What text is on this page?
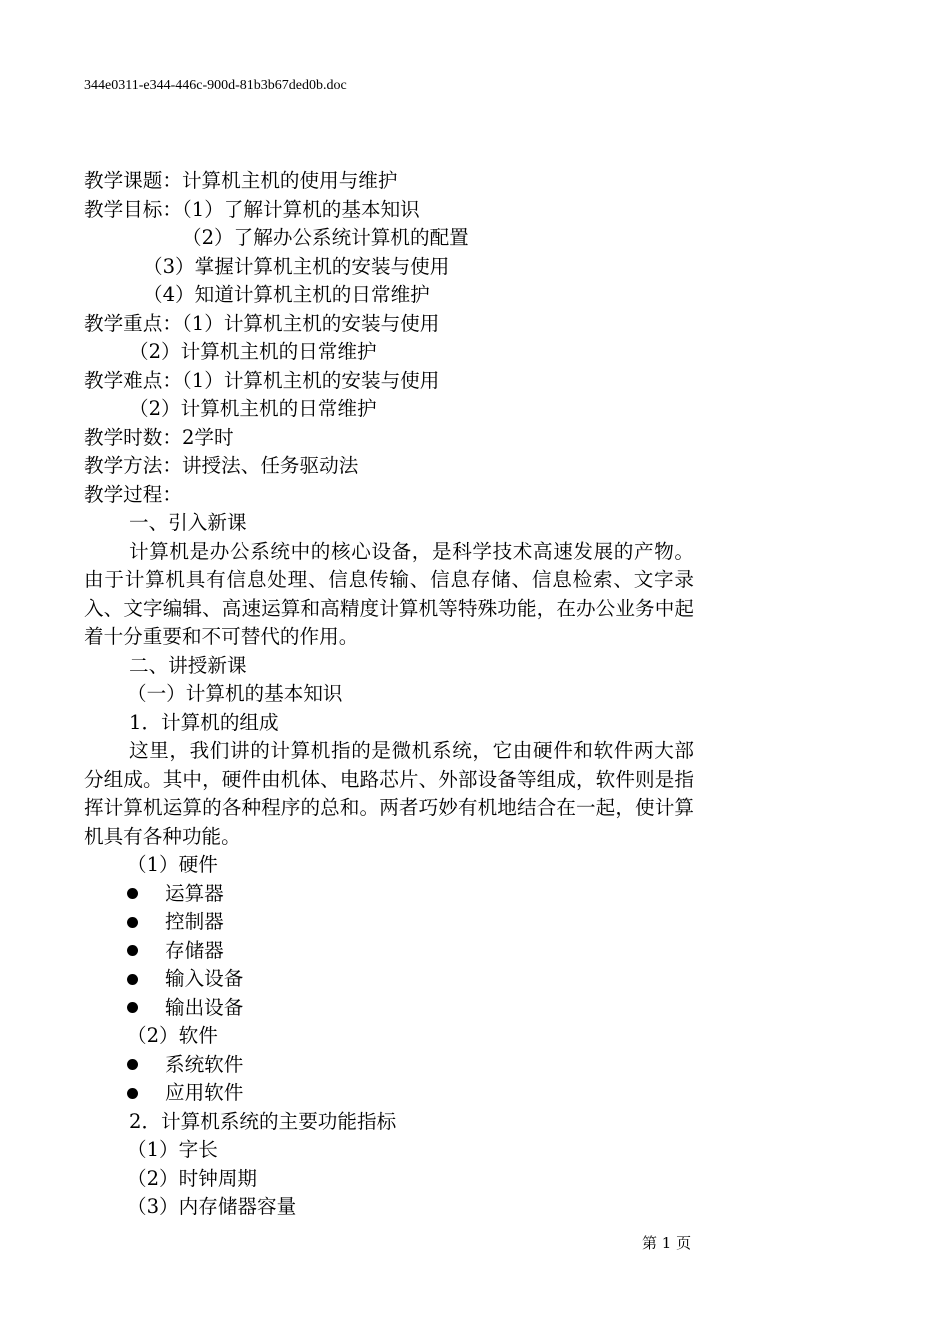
344e0311-e344-446c-900d-81b3b67ded0b.doc
教学课题：计算机主机的使用与维护
教学目标：（1）了解计算机的基本知识
（2）了解办公系统计算机的配置
（3）掌握计算机主机的安装与使用
（4）知道计算机主机的日常维护
教学重点：（1）计算机主机的安装与使用
（2）计算机主机的日常维护
教学难点：（1）计算机主机的安装与使用
（2）计算机主机的日常维护
教学时数：2学时
教学方法：讲授法、任务驱动法
教学过程：
一、引入新课
计算机是办公系统中的核心设备，是科学技术高速发展的产物。由于计算机具有信息处理、信息传输、信息存储、信息检索、文字录入、文字编辑、高速运算和高精度计算机等特殊功能，在办公业务中起着十分重要和不可替代的作用。
二、讲授新课
（一）计算机的基本知识
1．计算机的组成
这里，我们讲的计算机指的是微机系统，它由硬件和软件两大部分组成。其中，硬件由机体、电路芯片、外部设备等组成，软件则是指挥计算机运算的各种程序的总和。两者巧妙有机地结合在一起，使计算机具有各种功能。
（1）硬件
运算器
控制器
存储器
输入设备
输出设备
（2）软件
系统软件
应用软件
2．计算机系统的主要功能指标
（1）字长
（2）时钟周期
（3）内存储器容量
第 1 页
